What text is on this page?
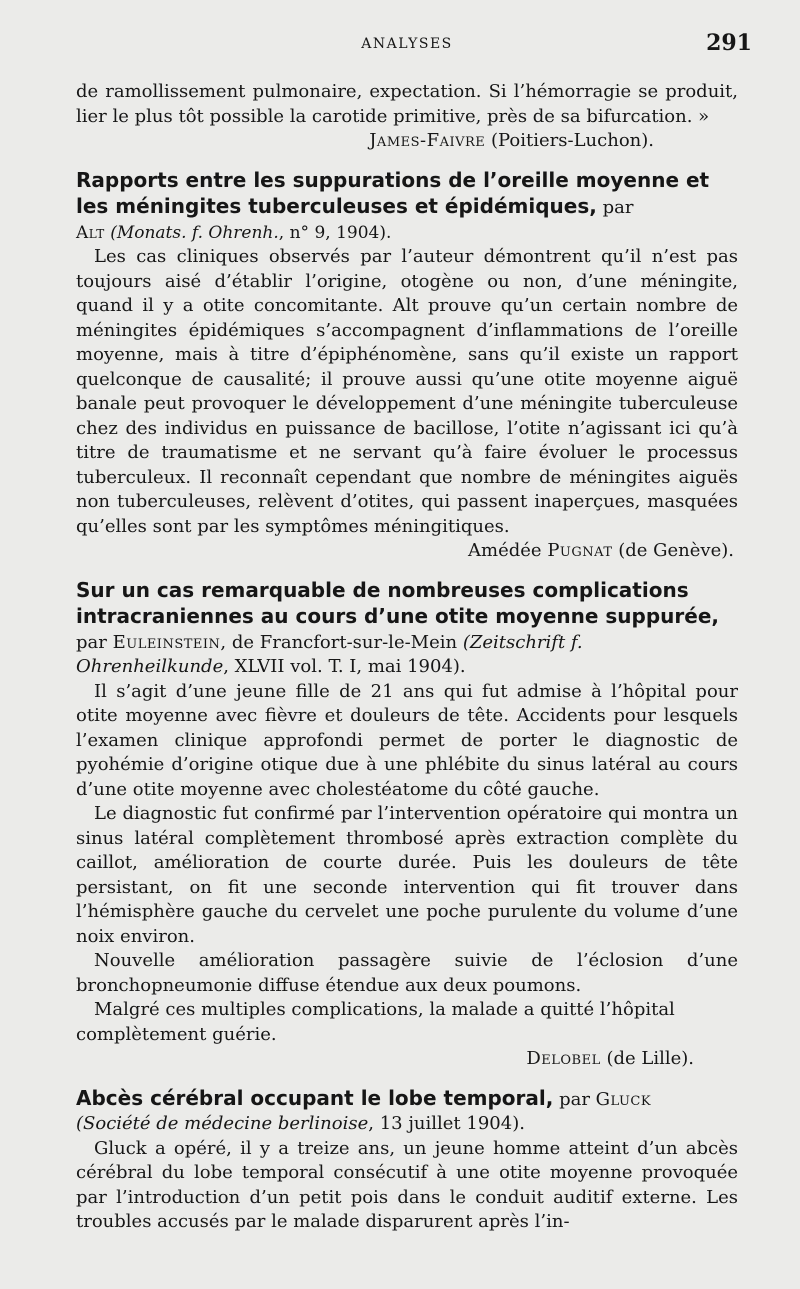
ANALYSES	291

de ramollissement pulmonaire, expectation. Si l’hémorragie se produit, lier le plus tôt possible la carotide primitive, près de sa bifurcation. »

James-Faivre (Poitiers-Luchon).
Rapports entre les suppurations de l’oreille moyenne et les méningites tuberculeuses et épidémiques, par
Alt (Monats. f. Ohrenh., n° 9, 1904).

Les cas cliniques observés par l’auteur démontrent qu’il n’est pas toujours aisé d’établir l’origine, otogène ou non, d’une méningite, quand il y a otite concomitante. Alt prouve qu’un certain nombre de méningites épidémiques s’accompagnent d’inflammations de l’oreille moyenne, mais à titre d’épiphénomène, sans qu’il existe un rapport quelconque de causalité; il prouve aussi qu’une otite moyenne aiguë banale peut provoquer le développement d’une méningite tuberculeuse chez des individus en puissance de bacillose, l’otite n’agissant ici qu’à titre de traumatisme et ne servant qu’à faire évoluer le processus tuberculeux. Il reconnaît cependant que nombre de méningites aiguës non tuberculeuses, relèvent d’otites, qui passent inaperçues, masquées qu’elles sont par les symptômes méningitiques.

Amédée Pugnat (de Genève).
Sur un cas remarquable de nombreuses complications intracraniennes au cours d’une otite moyenne suppurée, par Euleinstein, de Francfort-sur-le-Mein (Zeitschrift f. Ohrenheilkunde, XLVII vol. T. I, mai 1904).

Il s’agit d’une jeune fille de 21 ans qui fut admise à l’hôpital pour otite moyenne avec fièvre et douleurs de tête. Accidents pour lesquels l’examen clinique approfondi permet de porter le diagnostic de pyohémie d’origine otique due à une phlébite du sinus latéral au cours d’une otite moyenne avec cholestéatome du côté gauche.

Le diagnostic fut confirmé par l’intervention opératoire qui montra un sinus latéral complètement thrombosé après extraction complète du caillot, amélioration de courte durée. Puis les douleurs de tête persistant, on fit une seconde intervention qui fit trouver dans l’hémisphère gauche du cervelet une poche purulente du volume d’une noix environ.

Nouvelle amélioration passagère suivie de l’éclosion d’une bronchopneumonie diffuse étendue aux deux poumons.

Malgré ces multiples complications, la malade a quitté l’hôpital complètement guérie.

Delobel (de Lille).
Abcès cérébral occupant le lobe temporal, par Gluck
(Société de médecine berlinoise, 13 juillet 1904).

Gluck a opéré, il y a treize ans, un jeune homme atteint d’un abcès cérébral du lobe temporal consécutif à une otite moyenne provoquée par l’introduction d’un petit pois dans le conduit auditif externe. Les troubles accusés par le malade disparurent après l’in-
